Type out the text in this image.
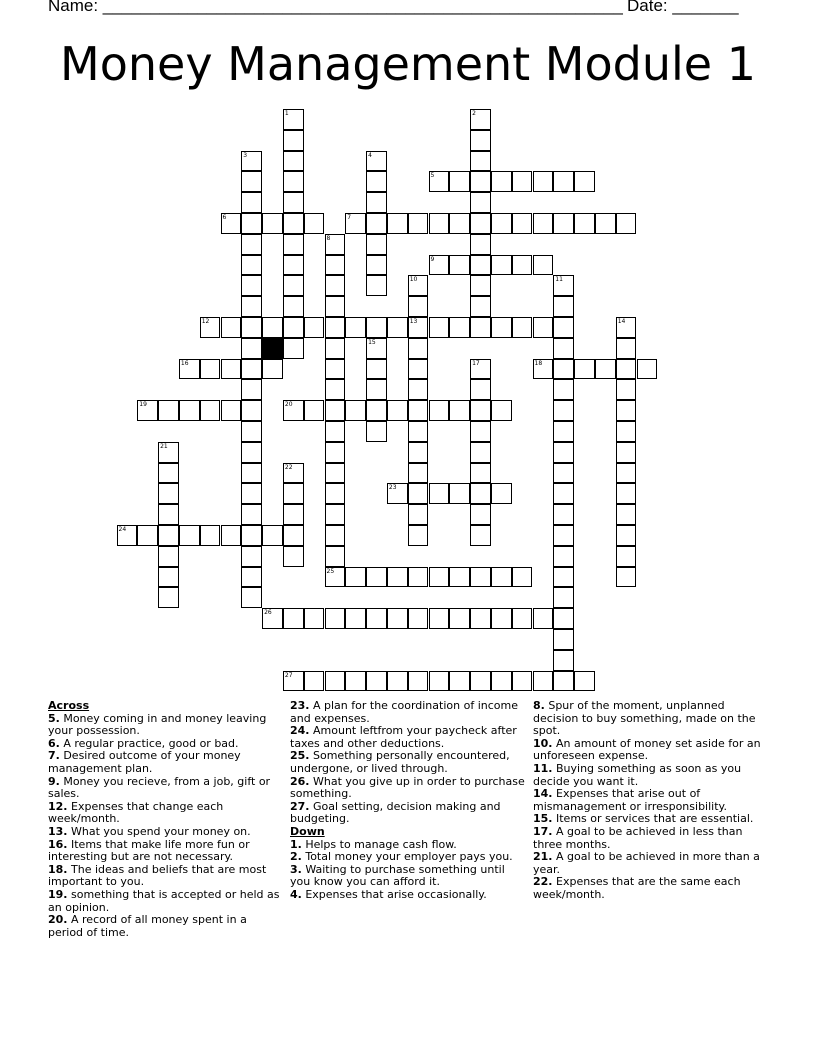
Name: _______________________________________________________ Date: _______
Money Management Module 1
1	2
3	4
5
6	7
8
9
10
13
11
12	14
15
16	17	18
19	20
21
22
23
24
25
26
27
Across
5. Money coming in and money leaving your possession.
6. A regular practice, good or bad.
7. Desired outcome of your money management plan.
9. Money you recieve, from a job, gift or sales.
12. Expenses that change each week/month.
13. What you spend your money on.
16. Items that make life more fun or interesting but are not necessary.
18. The ideas and beliefs that are most important to you.
19. something that is accepted or held as an opinion.
20. A record of all money spent in a period of time.
23. A plan for the coordination of income and expenses.
24. Amount leftfrom your paycheck after taxes and other deductions.
25. Something personally encountered, undergone, or lived through.
26. What you give up in order to purchase something.
27. Goal setting, decision making and budgeting.
Down
1. Helps to manage cash flow.
2. Total money your employer pays you.
3. Waiting to purchase something until you know you can afford it.
4. Expenses that arise occasionally.
8. Spur of the moment, unplanned decision to buy something, made on the spot.
10. An amount of money set aside for an unforeseen expense.
11. Buying something as soon as you decide you want it.
14. Expenses that arise out of mismanagement or irresponsibility.
15. Items or services that are essential.
17. A goal to be achieved in less than three months.
21. A goal to be achieved in more than a year.
22. Expenses that are the same each week/month.
